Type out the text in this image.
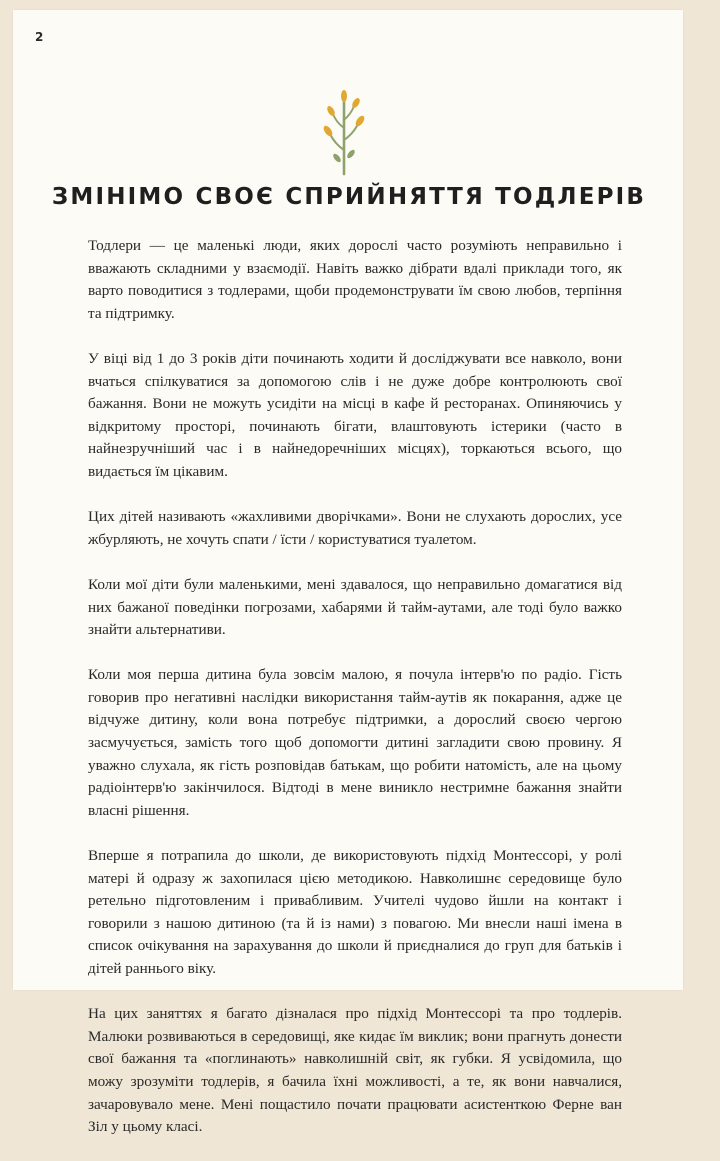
2
ЗМІНІМО СВОЄ СПРИЙНЯТТЯ ТОДЛЕРІВ

Тодлери — це маленькі люди, яких дорослі часто розуміють неправильно і вважають складними у взаємодії. Навіть важко дібрати вдалі приклади того, як варто поводитися з тодлерами, щоби продемонструвати їм свою любов, терпіння та підтримку.

У віці від 1 до 3 років діти починають ходити й досліджувати все навколо, вони вчаться спілкуватися за допомогою слів і не дуже добре контролюють свої бажання. Вони не можуть усидіти на місці в кафе й ресторанах. Опиняючись у відкритому просторі, починають бігати, влаштовують істерики (часто в найнезручніший час і в найнедоречніших місцях), торкаються всього, що видається їм цікавим.

Цих дітей називають «жахливими дворічками». Вони не слухають дорослих, усе жбурляють, не хочуть спати / їсти / користуватися туалетом.

Коли мої діти були маленькими, мені здавалося, що неправильно домагатися від них бажаної поведінки погрозами, хабарями й тайм-аутами, але тоді було важко знайти альтернативи.

Коли моя перша дитина була зовсім малою, я почула інтерв'ю по радіо. Гість говорив про негативні наслідки використання тайм-аутів як покарання, адже це відчуже дитину, коли вона потребує підтримки, а дорослий своєю чергою засмучується, замість того щоб допомогти дитині загладити свою провину. Я уважно слухала, як гість розповідав батькам, що робити натомість, але на цьому радіоінтерв'ю закінчилося. Відтоді в мене виникло нестримне бажання знайти власні рішення.

Вперше я потрапила до школи, де використовують підхід Монтессорі, у ролі матері й одразу ж захопилася цією методикою. Навколишнє середовище було ретельно підготовленим і привабливим. Учителі чудово йшли на контакт і говорили з нашою дитиною (та й із нами) з повагою. Ми внесли наші імена в список очікування на зарахування до школи й приєдналися до груп для батьків і дітей раннього віку.

На цих заняттях я багато дізналася про підхід Монтессорі та про тодлерів. Малюки розвиваються в середовищі, яке кидає їм виклик; вони прагнуть донести свої бажання та «поглинають» навколишній світ, як губки. Я усвідомила, що можу зрозуміти тодлерів, я бачила їхні можливості, а те, як вони навчалися, зачаровувало мене. Мені пощастило почати працювати асистенткою Ферне ван Зіл у цьому класі.
